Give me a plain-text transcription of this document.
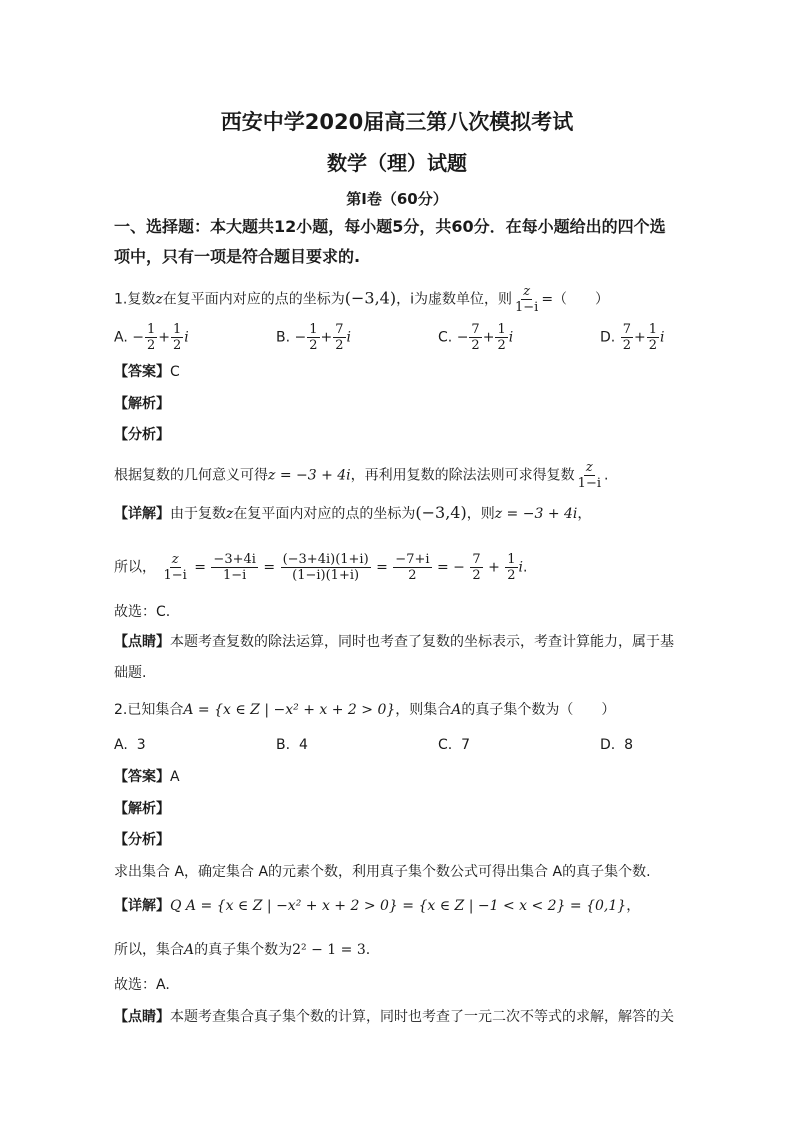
西安中学2020届高三第八次模拟考试
数学（理）试题
第Ⅰ卷（60分）
一、选择题：本大题共12小题，每小题5分，共60分．在每小题给出的四个选
项中，只有一项是符合题目要求的.
1.复数z在复平面内对应的点的坐标为(−3,4)，i为虚数单位，则 $\frac{z}{1-i}$ =（　　）
A. − $\frac{1}{2} + \frac{1}{2}$ i	B. − $\frac{1}{2} + \frac{7}{2}$ i	C. − $\frac{7}{2} + \frac{1}{2}$ i	D. $\frac{7}{2} + \frac{1}{2}$ i
【答案】C
【解析】
【分析】
根据复数的几何意义可得z = −3 + 4i，再利用复数的除法法则可求得复数 $\frac{z}{1-i}$ .
【详解】由于复数z在复平面内对应的点的坐标为(−3,4)，则z = −3 + 4i，
所以， $\frac{z}{1-i} = \frac{-3+4i}{1-i} = \frac{(-3+4i)(1+i)}{(1-i)(1+i)} = \frac{-7+i}{2}$ = − $\frac{7}{2} + \frac{1}{2} i$.
故选：C.
【点睛】本题考查复数的除法运算，同时也考查了复数的坐标表示，考查计算能力，属于基
础题.
2.已知集合A = {x ∈ Z | −x² + x + 2 > 0}，则集合A的真子集个数为（　　）
A. 3	B. 4	C. 7	D. 8
【答案】A
【解析】
【分析】
求出集合 A，确定集合 A的元素个数，利用真子集个数公式可得出集合 A的真子集个数.
【详解】Q A = {x ∈ Z | −x² + x + 2 > 0} = {x ∈ Z | −1 < x < 2} = {0,1}，
所以，集合A的真子集个数为2² − 1 = 3.
故选：A.
【点睛】本题考查集合真子集个数的计算，同时也考查了一元二次不等式的求解，解答的关
